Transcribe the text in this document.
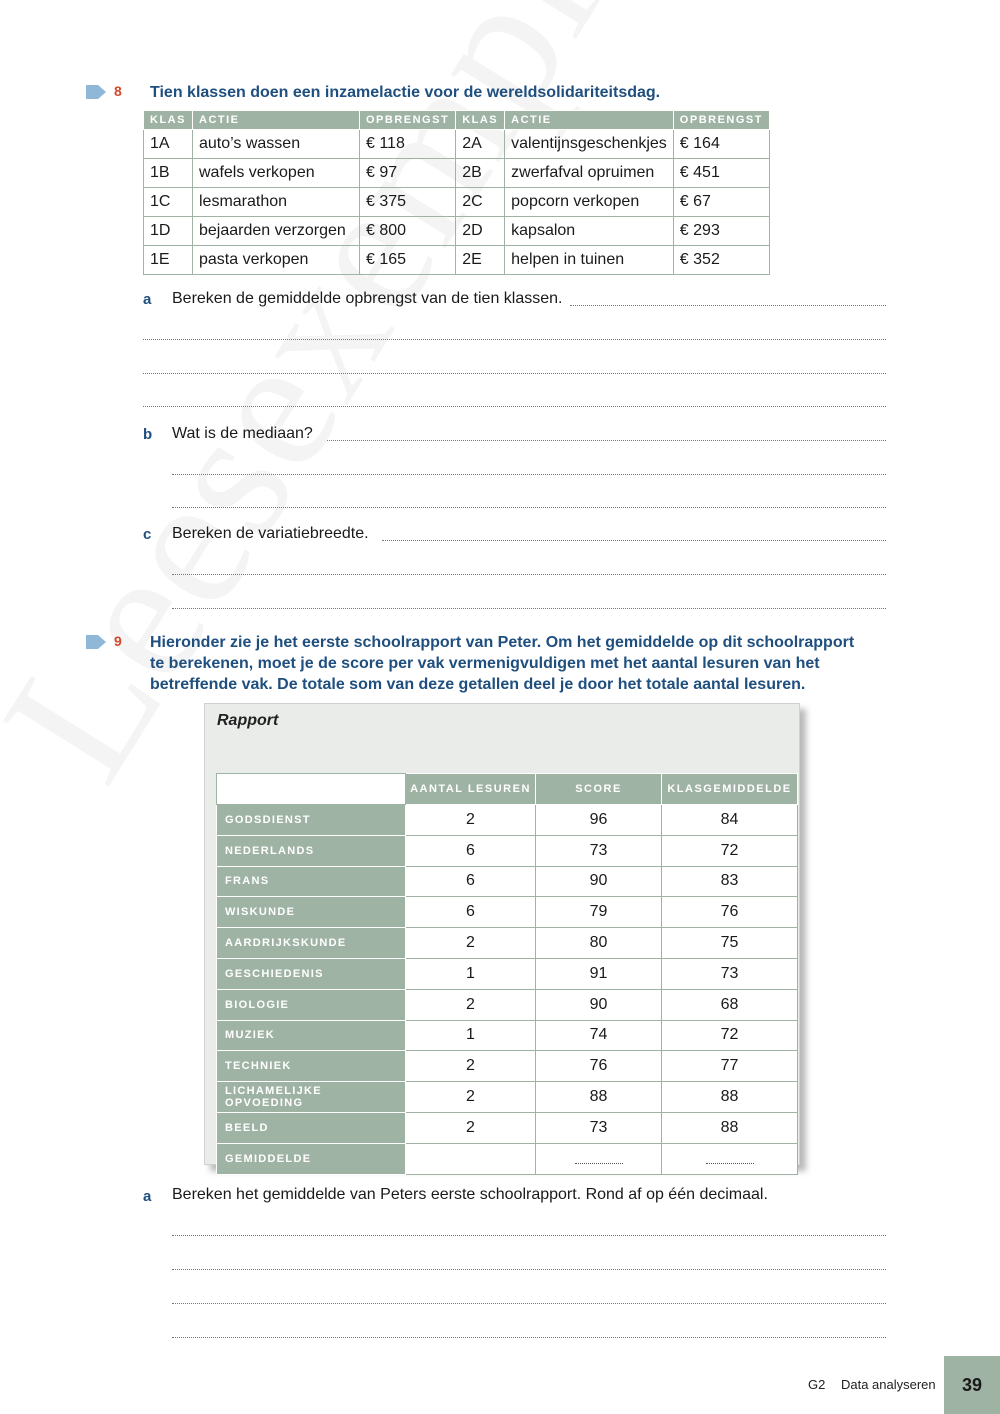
8	Tien klassen doen een inzamelactie voor de wereldsolidariteitsdag.
KLAS	ACTIE	OPBRENGST	KLAS	ACTIE	OPBRENGST
1A	auto’s wassen	€ 118	2A	valentijnsgeschenkjes	€ 164
1B	wafels verkopen	€ 97	2B	zwerfafval opruimen	€ 451
1C	lesmarathon	€ 375	2C	popcorn verkopen	€ 67
1D	bejaarden verzorgen	€ 800	2D	kapsalon	€ 293
1E	pasta verkopen	€ 165	2E	helpen in tuinen	€ 352
a Bereken de gemiddelde opbrengst van de tien klassen.
b Wat is de mediaan?
c Bereken de variatiebreedte.
9	Hieronder zie je het eerste schoolrapport van Peter. Om het gemiddelde op dit schoolrapport te berekenen, moet je de score per vak vermenigvuldigen met het aantal lesuren van het betreffende vak. De totale som van deze getallen deel je door het totale aantal lesuren.
Rapport
	AANTAL LESUREN	SCORE	KLASGEMIDDELDE
GODSDIENST	2	96	84
NEDERLANDS	6	73	72
FRANS	6	90	83
WISKUNDE	6	79	76
AARDRIJKSKUNDE	2	80	75
GESCHIEDENIS	1	91	73
BIOLOGIE	2	90	68
MUZIEK	1	74	72
TECHNIEK	2	76	77
LICHAMELIJKE OPVOEDING	2	88	88
BEELD	2	73	88
GEMIDDELDE			
a Bereken het gemiddelde van Peters eerste schoolrapport. Rond af op één decimaal.
G2 Data analyseren	39
